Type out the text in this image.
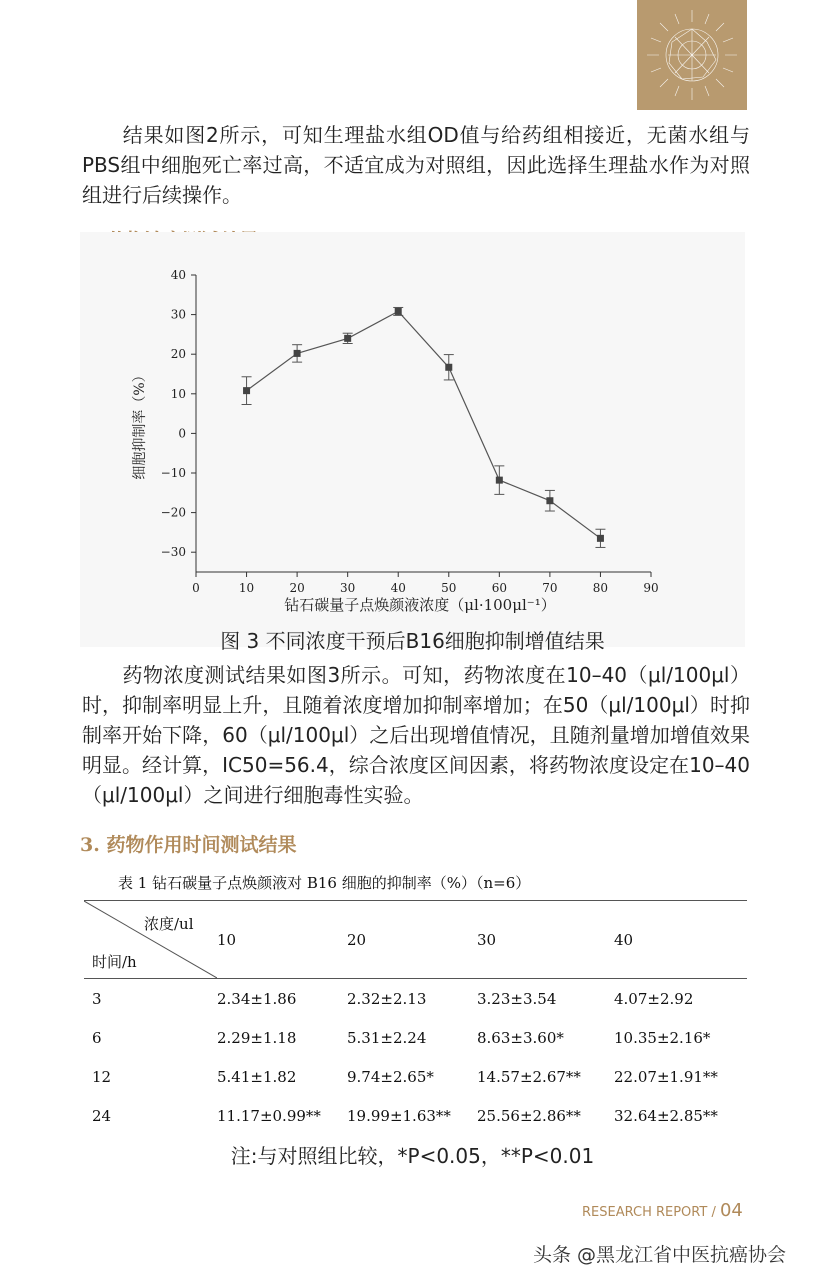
结果如图2所示，可知生理盐水组OD值与给药组相接近，无菌水组与PBS组中细胞死亡率过高，不适宜成为对照组，因此选择生理盐水作为对照组进行后续操作。

40
30
20
10
0
−10
−20
−30
0	10	20	30	40	50	60	70	80	90
钻石碳量子点焕颜液浓度（μl·100μl⁻¹）
细胞抑制率（%）
图 3 不同浓度干预后B16细胞抑制增值结果

药物浓度测试结果如图3所示。可知，药物浓度在10–40（μl/100μl）时，抑制率明显上升，且随着浓度增加抑制率增加；在50（μl/100μl）时抑制率开始下降，60（μl/100μl）之后出现增值情况，且随剂量增加增值效果明显。经计算，IC50=56.4，综合浓度区间因素，将药物浓度设定在10–40（μl/100μl）之间进行细胞毒性实验。

3. 药物作用时间测试结果
表 1 钻石碳量子点焕颜液对 B16 细胞的抑制率（%）（n=6）
浓度/ul
时间/h	10	20	30	40
3	2.34±1.86	2.32±2.13	3.23±3.54	4.07±2.92
6	2.29±1.18	5.31±2.24	8.63±3.60*	10.35±2.16*
12	5.41±1.82	9.74±2.65*	14.57±2.67**	22.07±1.91**
24	11.17±0.99**	19.99±1.63**	25.56±2.86**	32.64±2.85**
注:与对照组比较，*P<0.05，**P<0.01
RESEARCH REPORT / 04
头条 @黑龙江省中医抗癌协会
